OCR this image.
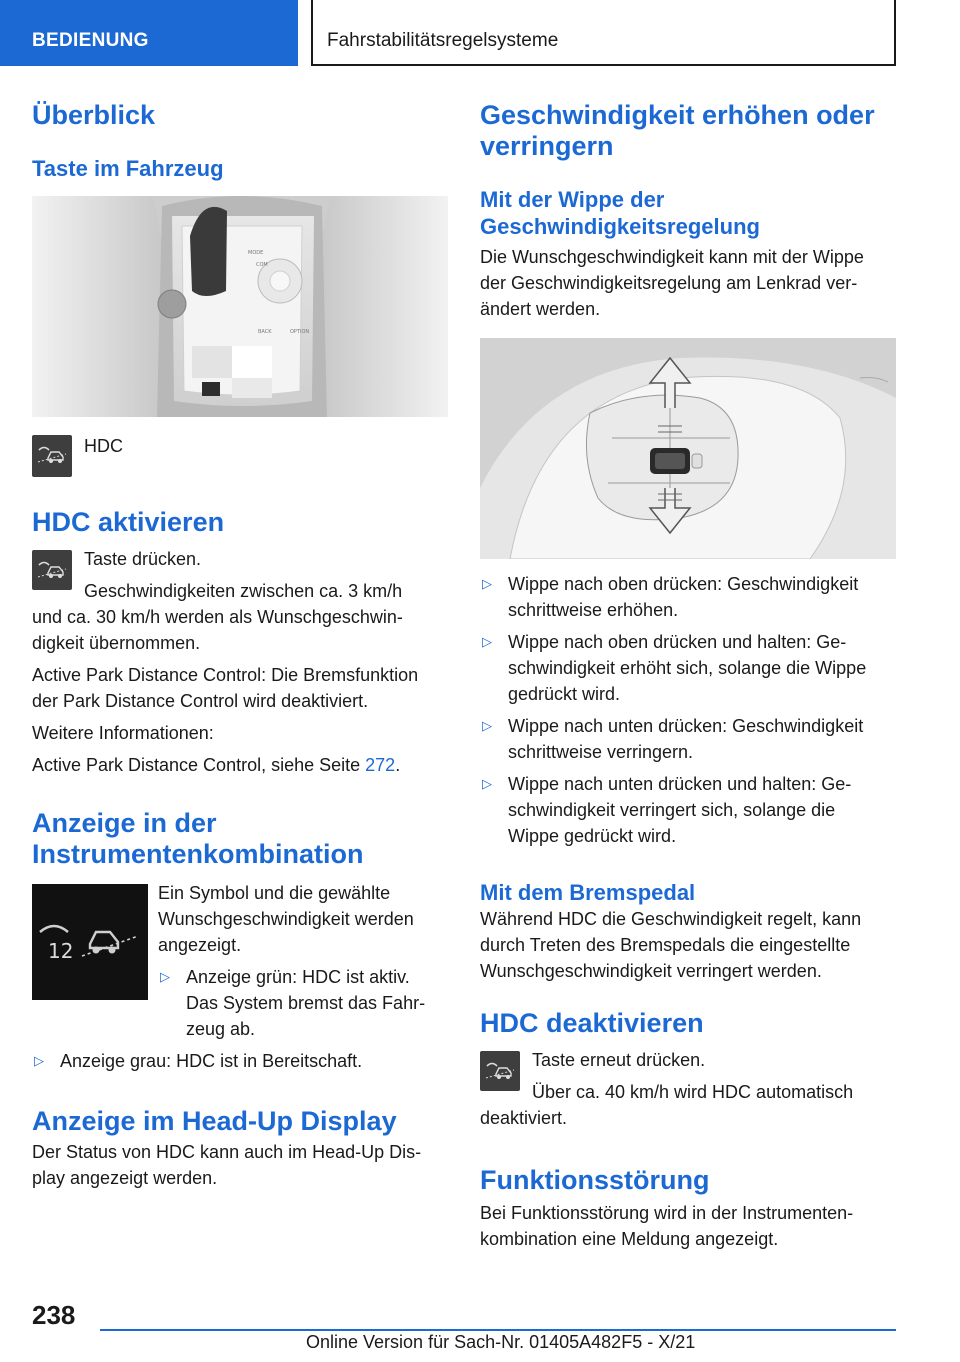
BEDIENUNG	Fahrstabilitätsregelsysteme
Überblick
Taste im Fahrzeug
MODE
COM
BACK	OPTION

HDC

HDC aktivieren

Taste drücken.

Geschwindigkeiten zwischen ca. 3 km/h

und ca. 30 km/h werden als Wunschgeschwin-

digkeit übernommen.

Active Park Distance Control: Die Bremsfunktion

der Park Distance Control wird deaktiviert.

Weitere Informationen:

Active Park Distance Control, siehe Seite 272.

Anzeige in der
Instrumentenkombination
12

Ein Symbol und die gewählte

Wunschgeschwindigkeit werden

angezeigt.

▷ Anzeige grün: HDC ist aktiv.
Das System bremst das Fahr-
zeug ab.
▷ Anzeige grau: HDC ist in Bereitschaft.
Anzeige im Head-Up Display

Der Status von HDC kann auch im Head-Up Dis-

play angezeigt werden.

Geschwindigkeit erhöhen oder
verringern
Mit der Wippe der
Geschwindigkeitsregelung

Die Wunschgeschwindigkeit kann mit der Wippe

der Geschwindigkeitsregelung am Lenkrad ver-

ändert werden.

▷ Wippe nach oben drücken: Geschwindigkeit
schrittweise erhöhen.
▷ Wippe nach oben drücken und halten: Ge-
schwindigkeit erhöht sich, solange die Wippe
gedrückt wird.
▷ Wippe nach unten drücken: Geschwindigkeit
schrittweise verringern.
▷ Wippe nach unten drücken und halten: Ge-
schwindigkeit verringert sich, solange die
Wippe gedrückt wird.
Mit dem Bremspedal

Während HDC die Geschwindigkeit regelt, kann

durch Treten des Bremspedals die eingestellte

Wunschgeschwindigkeit verringert werden.

HDC deaktivieren

Taste erneut drücken.

Über ca. 40 km/h wird HDC automatisch

deaktiviert.

Funktionsstörung

Bei Funktionsstörung wird in der Instrumenten-

kombination eine Meldung angezeigt.

238
Online Version für Sach-Nr. 01405A482F5 - X/21
